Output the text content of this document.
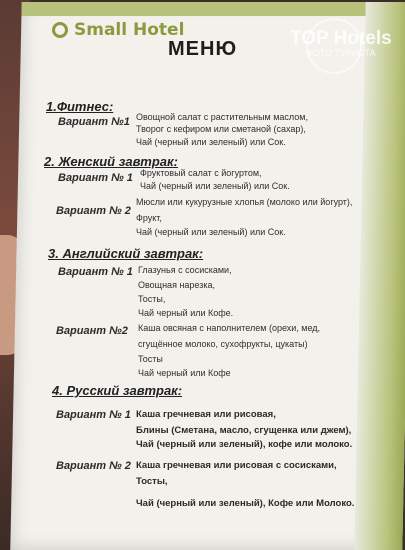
Small Hotel	TOP Hotels
ФОТО ТУРИСТА
МЕНЮ
1.Фитнес:
Вариант №1 Овощной салат с растительным маслом,
Творог с кефиром или сметаной (сахар),
Чай (черный или зеленый) или Сок.
2. Женский завтрак:
Вариант № 1 Фруктовый салат с йогуртом,
Чай (черный или зеленый) или Сок.
Вариант № 2
Мюсли или кукурузные хлопья (молоко или йогурт),
Фрукт,
Чай (черный или зеленый) или Сок.
3. Английский завтрак:
Вариант № 1 Глазунья с сосисками,
Овощная нарезка,
Тосты,
Чай черный или Кофе.
Вариант №2 Каша овсяная с наполнителем (орехи, мед,
сгущённое молоко, сухофрукты, цукаты)
Тосты
Чай черный или Кофе
4. Русский завтрак:
Вариант № 1 Каша гречневая или рисовая,
Блины (Сметана, масло, сгущенка или джем),
Чай (черный или зеленый), кофе или молоко.
Вариант № 2 Каша гречневая или рисовая с сосисками,
Тосты,
Чай (черный или зеленый), Кофе или Молоко.
